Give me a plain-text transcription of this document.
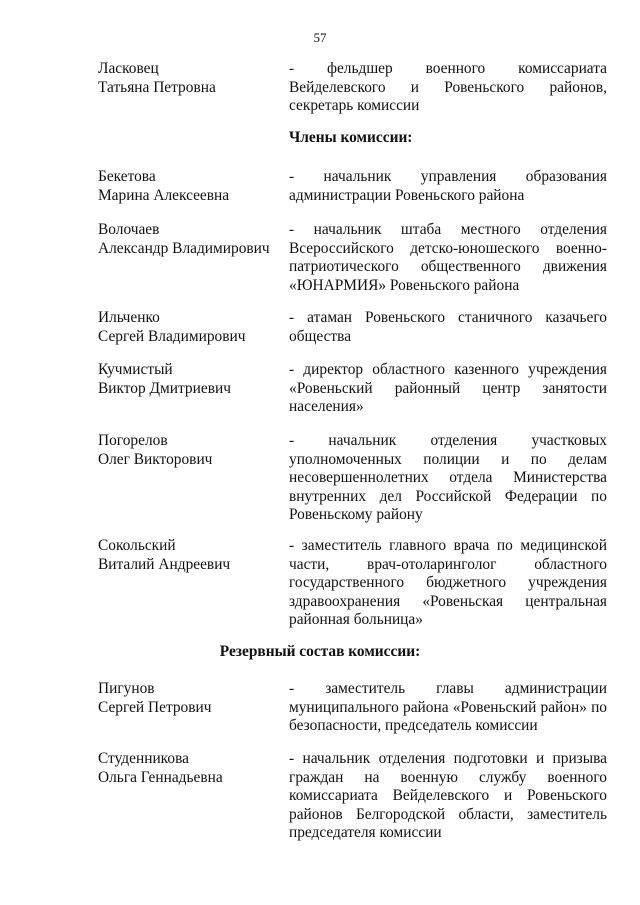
57
Ласковец
Татьяна Петровна
- фельдшер военного комиссариата Вейделевского и Ровеньского районов, секретарь комиссии
Члены комиссии:
Бекетова
Марина Алексеевна
- начальник управления образования администрации Ровеньского района
Волочаев
Александр Владимирович
- начальник штаба местного отделения Всероссийского детско-юношеского военно-патриотического общественного движения «ЮНАРМИЯ» Ровеньского района
Ильченко
Сергей Владимирович
- атаман Ровеньского станичного казачьего общества
Кучмистый
Виктор Дмитриевич
- директор областного казенного учреждения «Ровеньский районный центр занятости населения»
Погорелов
Олег Викторович
- начальник отделения участковых уполномоченных полиции и по делам несовершеннолетних отдела Министерства внутренних дел Российской Федерации по Ровеньскому району
Сокольский
Виталий Андреевич
- заместитель главного врача по медицинской части, врач-отоларинголог областного государственного бюджетного учреждения здравоохранения «Ровеньская центральная районная больница»
Резервный состав комиссии:
Пигунов
Сергей Петрович
- заместитель главы администрации муниципального района «Ровеньский район» по безопасности, председатель комиссии
Студенникова
Ольга Геннадьевна
- начальник отделения подготовки и призыва граждан на военную службу военного комиссариата Вейделевского и Ровеньского районов Белгородской области, заместитель председателя комиссии
